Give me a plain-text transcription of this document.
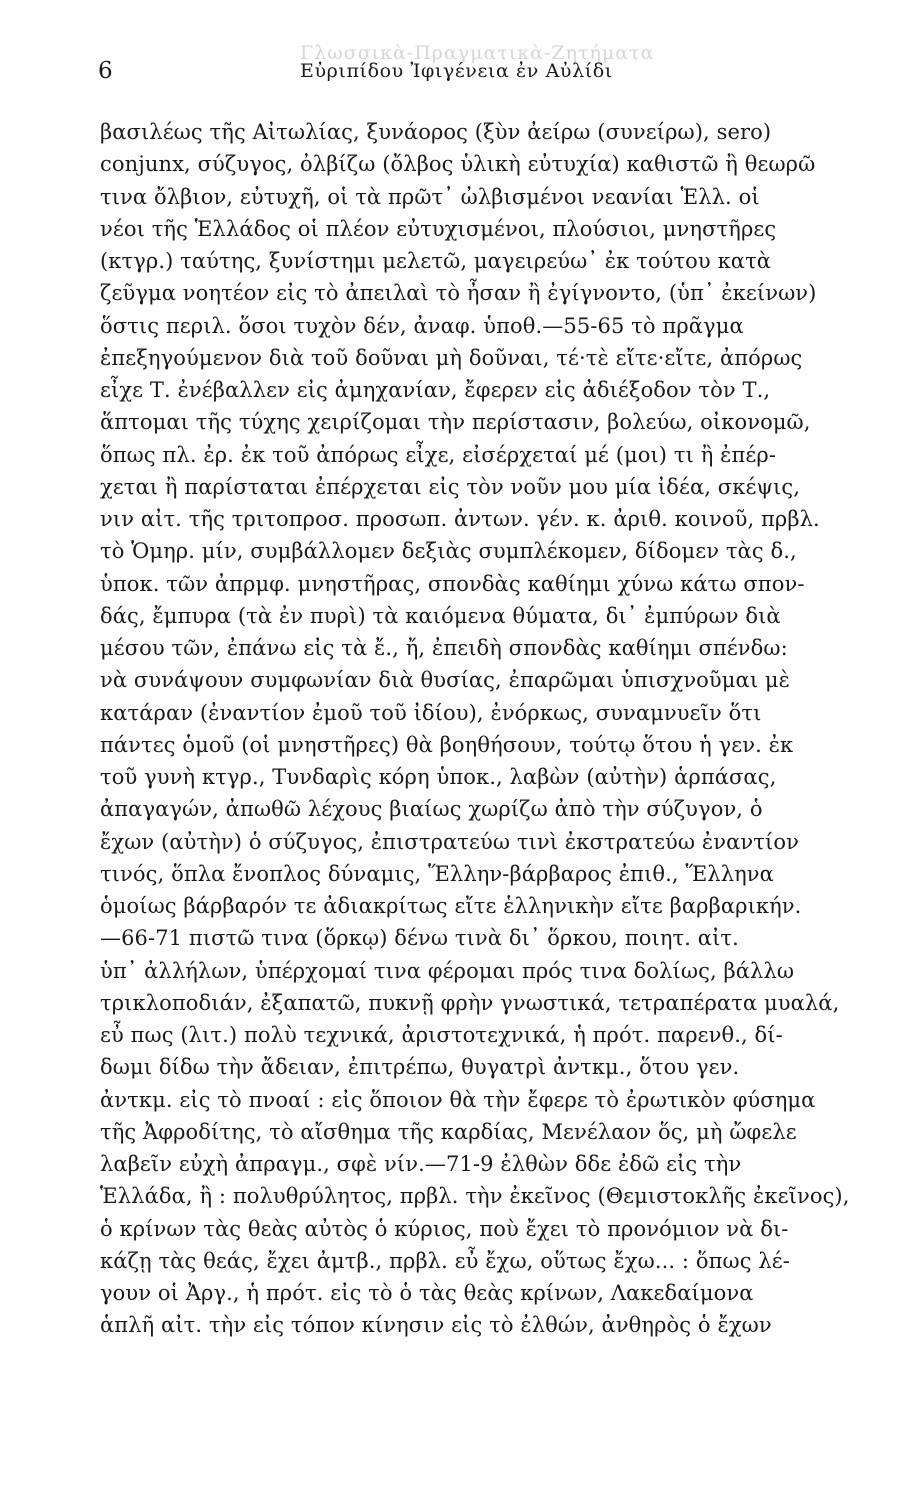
Γλωσσικὰ-Πραγματικὰ-Ζητήματα
6	Εὐριπίδου Ἰφιγένεια ἐν Αὐλίδι
βασιλέως τῆς Αἰτωλίας, ξυνάορος (ξὺν ἀείρω (συνείρω), sero)
conjunx, σύζυγος, ὀλβίζω (ὄλβος ὑλικὴ εὐτυχία) καθιστῶ ἢ θεωρῶ
τινα ὄλβιον, εὐτυχῆ, οἱ τὰ πρῶτ᾽ ὠλβισμένοι νεανίαι Ἑλλ. οἱ
νέοι τῆς Ἑλλάδος οἱ πλέον εὐτυχισμένοι, πλούσιοι, μνηστῆρες
(κτγρ.) ταύτης, ξυνίστημι μελετῶ, μαγειρεύω᾽ ἐκ τούτου κατὰ
ζεῦγμα νοητέον εἰς τὸ ἀπειλαὶ τὸ ἦσαν ἢ ἐγίγνοντο, (ὑπ᾽ ἐκείνων)
ὅστις περιλ. ὅσοι τυχὸν δέν, ἀναφ. ὑποθ.—55-65 τὸ πρᾶγμα
ἐπεξηγούμενον διὰ τοῦ δοῦναι μὴ δοῦναι, τέ·τὲ εἴτε·εἴτε, ἀπόρως
εἶχε Τ. ἐνέβαλλεν εἰς ἀμηχανίαν, ἔφερεν εἰς ἀδιέξοδον τὸν Τ.,
ἅπτομαι τῆς τύχης χειρίζομαι τὴν περίστασιν, βολεύω, οἰκονομῶ,
ὅπως πλ. ἐρ. ἐκ τοῦ ἀπόρως εἶχε, εἰσέρχεταί μέ (μοι) τι ἢ ἐπέρ-
χεται ἢ παρίσταται ἐπέρχεται εἰς τὸν νοῦν μου μία ἰδέα, σκέψις,
νιν αἰτ. τῆς τριτοπροσ. προσωπ. ἀντων. γέν. κ. ἀριθ. κοινοῦ, πρβλ.
τὸ Ὁμηρ. μίν, συμβάλλομεν δεξιὰς συμπλέκομεν, δίδομεν τὰς δ.,
ὑποκ. τῶν ἀπρμφ. μνηστῆρας, σπονδὰς καθίημι χύνω κάτω σπον-
δάς, ἔμπυρα (τὰ ἐν πυρὶ) τὰ καιόμενα θύματα, δι᾽ ἐμπύρων διὰ
μέσου τῶν, ἐπάνω εἰς τὰ ἔ., ἤ, ἐπειδὴ σπονδὰς καθίημι σπένδω:
νὰ συνάψουν συμφωνίαν διὰ θυσίας, ἐπαρῶμαι ὑπισχνοῦμαι μὲ
κατάραν (ἐναντίον ἐμοῦ τοῦ ἰδίου), ἐνόρκως, συναμνυεῖν ὅτι
πάντες ὁμοῦ (οἱ μνηστῆρες) θὰ βοηθήσουν, τούτῳ ὅτου ἡ γεν. ἐκ
τοῦ γυνὴ κτγρ., Τυνδαρὶς κόρη ὑποκ., λαβὼν (αὐτὴν) ἁρπάσας,
ἀπαγαγών, ἀπωθῶ λέχους βιαίως χωρίζω ἀπὸ τὴν σύζυγον, ὁ
ἔχων (αὐτὴν) ὁ σύζυγος, ἐπιστρατεύω τινὶ ἐκστρατεύω ἐναντίον
τινός, ὅπλα ἔνοπλος δύναμις, Ἕλλην-βάρβαρος ἐπιθ., Ἕλληνα
ὁμοίως βάρβαρόν τε ἀδιακρίτως εἴτε ἑλληνικὴν εἴτε βαρβαρικήν.
—66-71 πιστῶ τινα (ὅρκῳ) δένω τινὰ δι᾽ ὅρκου, ποιητ. αἰτ.
ὑπ᾽ ἀλλήλων, ὑπέρχομαί τινα φέρομαι πρός τινα δολίως, βάλλω
τρικλοποδιάν, ἐξαπατῶ, πυκνῇ φρὴν γνωστικά, τετραπέρατα μυαλά,
εὖ πως (λιτ.) πολὺ τεχνικά, ἀριστοτεχνικά, ἡ πρότ. παρενθ., δί-
δωμι δίδω τὴν ἄδειαν, ἐπιτρέπω, θυγατρὶ ἀντκμ., ὅτου γεν.
ἀντκμ. εἰς τὸ πνοαί : εἰς ὅποιον θὰ τὴν ἔφερε τὸ ἐρωτικὸν φύσημα
τῆς Ἀφροδίτης, τὸ αἴσθημα τῆς καρδίας, Μενέλαον ὅς, μὴ ὤφελε
λαβεῖν εὐχὴ ἀπραγμ., σφὲ νίν.—71-9 ἐλθὼν δδε ἐδῶ εἰς τὴν
Ἑλλάδα, ἢ : πολυθρύλητος, πρβλ. τὴν ἐκεῖνος (Θεμιστοκλῆς ἐκεῖνος),
ὁ κρίνων τὰς θεὰς αὐτὸς ὁ κύριος, ποὺ ἔχει τὸ προνόμιον νὰ δι-
κάζῃ τὰς θεάς, ἔχει ἀμτβ., πρβλ. εὖ ἔχω, οὕτως ἔχω... : ὅπως λέ-
γουν οἱ Ἀργ., ἡ πρότ. εἰς τὸ ὁ τὰς θεὰς κρίνων, Λακεδαίμονα
ἁπλῆ αἰτ. τὴν εἰς τόπον κίνησιν εἰς τὸ ἐλθών, ἀνθηρὸς ὁ ἔχων
